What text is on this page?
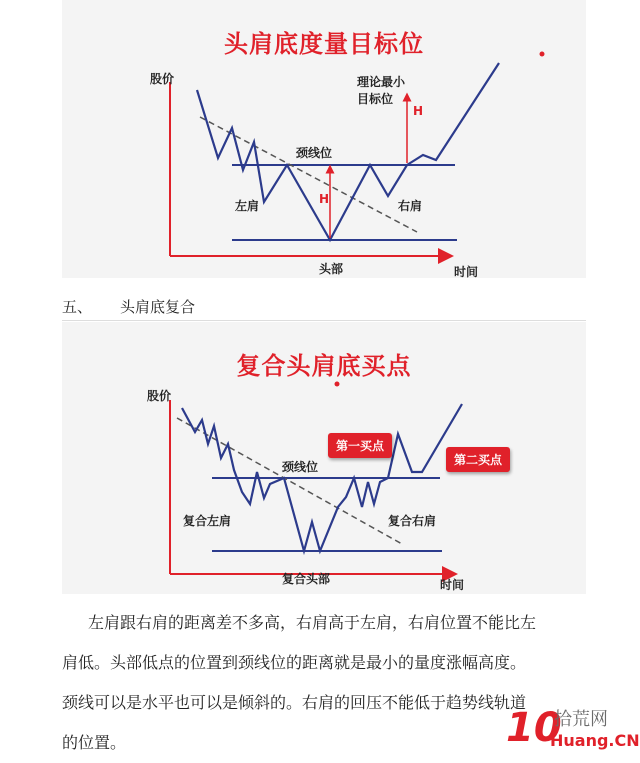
头肩底度量目标位
股价
时间
颈线位
左肩	右肩
头部
理论最小
目标位
H
H
五、 头肩底复合
复合头肩底买点
股价
时间
颈线位
复合左肩	复合右肩
复合头部
第一买点
第二买点
左肩跟右肩的距离差不多高，右肩高于左肩，右肩位置不能比左
肩低。头部低点的位置到颈线位的距离就是最小的量度涨幅高度。
颈线可以是水平也可以是倾斜的。右肩的回压不能低于趋势线轨道
的位置。	10
拾荒网
Huang.CN
